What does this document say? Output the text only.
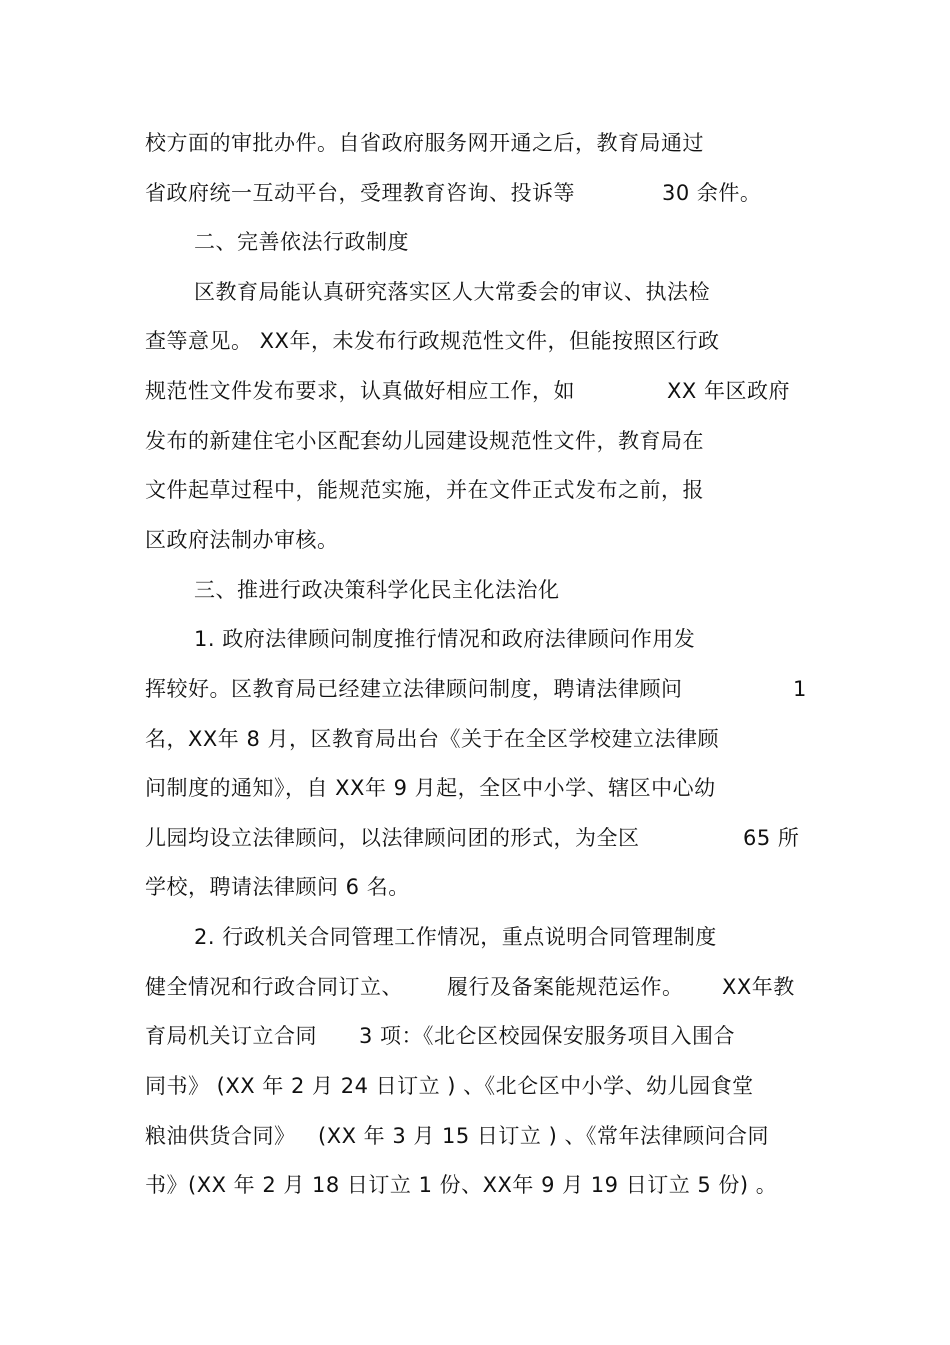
校方面的审批办件。自省政府服务网开通之后，教育局通过
省政府统一互动平台，受理教育咨询、投诉等	30 余件。
二、完善依法行政制度
区教育局能认真研究落实区人大常委会的审议、执法检
查等意见。 XX年，未发布行政规范性文件，但能按照区行政
规范性文件发布要求，认真做好相应工作，如	XX 年区政府
发布的新建住宅小区配套幼儿园建设规范性文件，教育局在
文件起草过程中，能规范实施，并在文件正式发布之前，报
区政府法制办审核。
三、推进行政决策科学化民主化法治化
1. 政府法律顾问制度推行情况和政府法律顾问作用发
挥较好。区教育局已经建立法律顾问制度，聘请法律顾问	1
名，XX年 8 月，区教育局出台《关于在全区学校建立法律顾
问制度的通知》，自 XX年 9 月起，全区中小学、辖区中心幼
儿园均设立法律顾问，以法律顾问团的形式，为全区	65 所
学校，聘请法律顾问 6 名。
2. 行政机关合同管理工作情况，重点说明合同管理制度
健全情况和行政合同订立、 履行及备案能规范运作。 XX年教
育局机关订立合同 3 项：《北仑区校园保安服务项目入围合
同书》 (XX 年 2 月 24 日订立 ) 、《北仑区中小学、幼儿园食堂
粮油供货合同》 (XX 年 3 月 15 日订立 ) 、《常年法律顾问合同
书》(XX 年 2 月 18 日订立 1 份、XX年 9 月 19 日订立 5 份) 。
